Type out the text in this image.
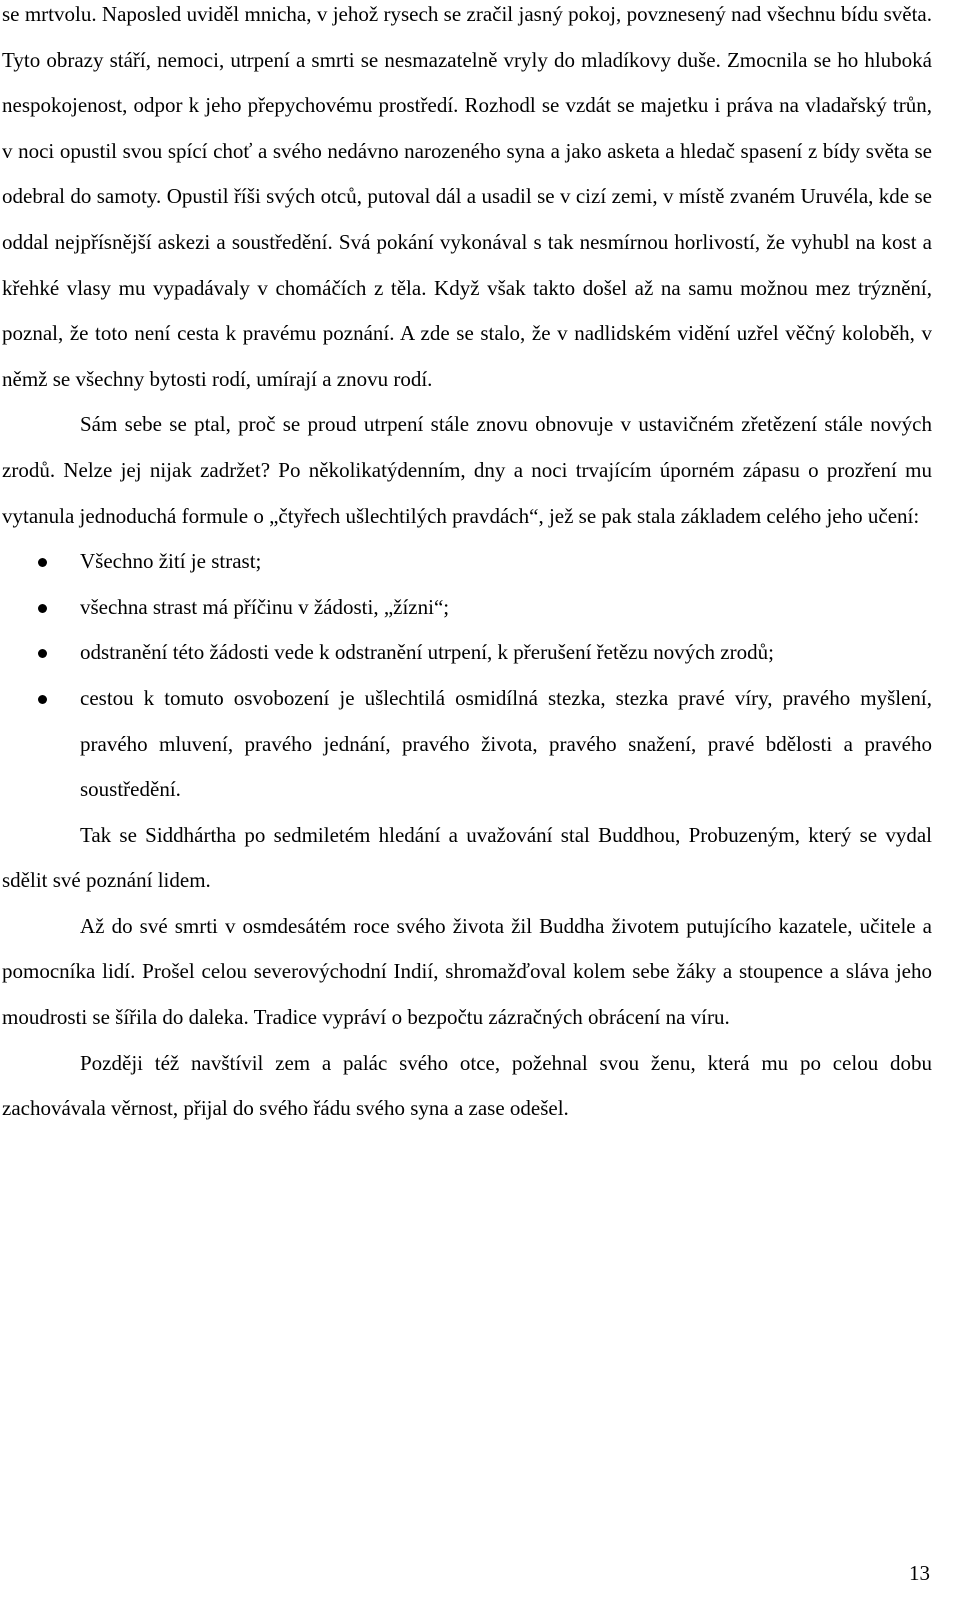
se mrtvolu. Naposled uviděl mnicha, v jehož rysech se zračil jasný pokoj, povznesený nad všechnu bídu světa. Tyto obrazy stáří, nemoci, utrpení a smrti se nesmazatelně vryly do mladíkovy duše. Zmocnila se ho hluboká nespokojenost, odpor k jeho přepychovému prostředí. Rozhodl se vzdát se majetku i práva na vladařský trůn, v noci opustil svou spící choť a svého nedávno narozeného syna a jako asketa a hledač spasení z bídy světa se odebral do samoty. Opustil říši svých otců, putoval dál a usadil se v cizí zemi, v místě zvaném Uruvéla, kde se oddal nejpřísnější askezi a soustředění. Svá pokání vykonával s tak nesmírnou horlivostí, že vyhubl na kost a křehké vlasy mu vypadávaly v chomáčích z těla. Když však takto došel až na samu možnou mez trýznění, poznal, že toto není cesta k pravému poznání. A zde se stalo, že v nadlidském vidění uzřel věčný koloběh, v němž se všechny bytosti rodí, umírají a znovu rodí.

Sám sebe se ptal, proč se proud utrpení stále znovu obnovuje v ustavičném zřetězení stále nových zrodů. Nelze jej nijak zadržet? Po několikatýdenním, dny a noci trvajícím úporném zápasu o prozření mu vytanula jednoduchá formule o „čtyřech ušlechtilých pravdách“, jež se pak stala základem celého jeho učení:

Všechno žití je strast;
všechna strast má příčinu v žádosti, „žízni“;
odstranění této žádosti vede k odstranění utrpení, k přerušení řetězu nových zrodů;
cestou k tomuto osvobození je ušlechtilá osmidílná stezka, stezka pravé víry, pravého myšlení, pravého mluvení, pravého jednání, pravého života, pravého snažení, pravé bdělosti a pravého soustředění.

Tak se Siddhártha po sedmiletém hledání a uvažování stal Buddhou, Probuzeným, který se vydal sdělit své poznání lidem.

Až do své smrti v osmdesátém roce svého života žil Buddha životem putujícího kazatele, učitele a pomocníka lidí. Prošel celou severovýchodní Indií, shromažďoval kolem sebe žáky a stoupence a sláva jeho moudrosti se šířila do daleka. Tradice vypráví o bezpočtu zázračných obrácení na víru.

Později též navštívil zem a palác svého otce, požehnal svou ženu, která mu po celou dobu zachovávala věrnost, přijal do svého řádu svého syna a zase odešel.

13
